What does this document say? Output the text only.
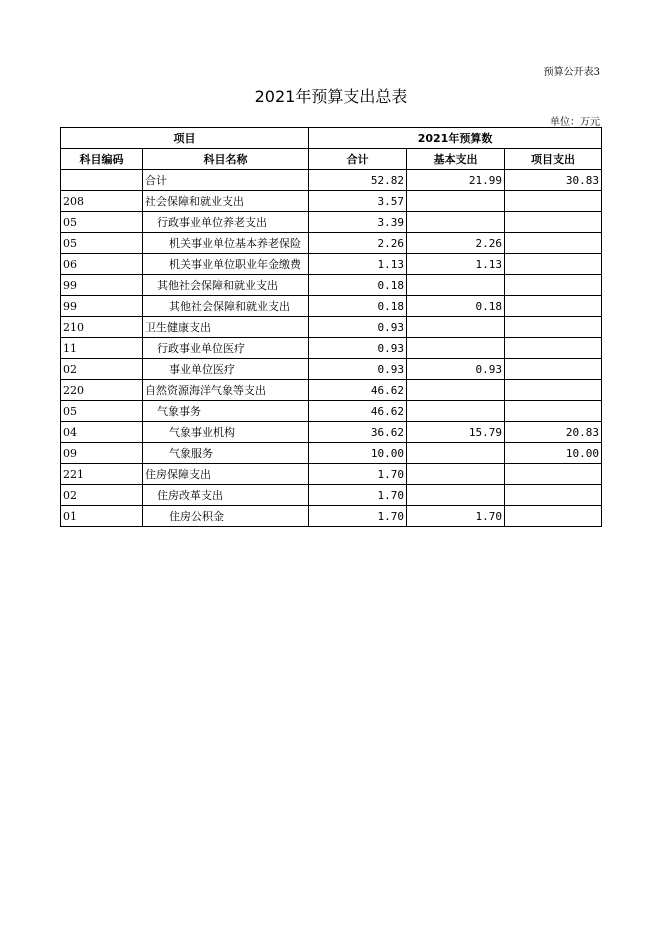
预算公开表3
2021年预算支出总表
单位：万元
项目		2021年预算数		
科目编码	科目名称	合计	基本支出	项目支出
	合计	52.82	21.99	30.83
208	社会保障和就业支出	3.57		
05	行政事业单位养老支出	3.39		
05	机关事业单位基本养老保险	2.26	2.26	
06	机关事业单位职业年金缴费	1.13	1.13	
99	其他社会保障和就业支出	0.18		
99	其他社会保障和就业支出	0.18	0.18	
210	卫生健康支出	0.93		
11	行政事业单位医疗	0.93		
02	事业单位医疗	0.93	0.93	
220	自然资源海洋气象等支出	46.62		
05	气象事务	46.62		
04	气象事业机构	36.62	15.79	20.83
09	气象服务	10.00		10.00
221	住房保障支出	1.70		
02	住房改革支出	1.70		
01	住房公积金	1.70	1.70	
